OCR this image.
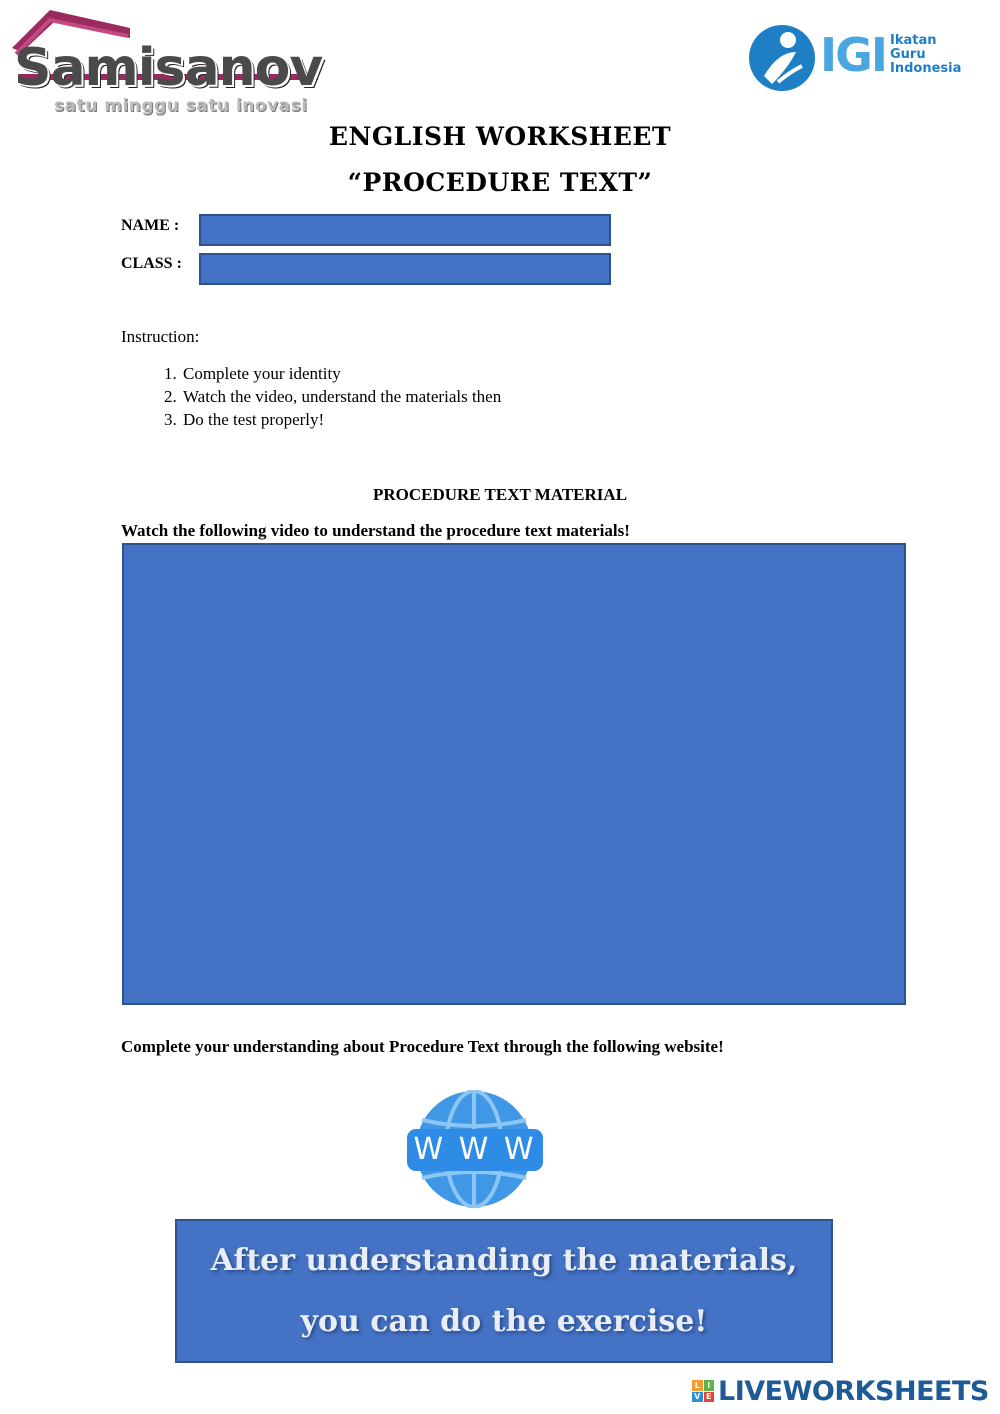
Samisanov
satu minggu satu inovasi
IGI Ikatan
Guru
Indonesia
ENGLISH WORKSHEET
“PROCEDURE TEXT”
NAME :
CLASS :
Instruction:
1. Complete your identity
2. Watch the video, understand the materials then
3. Do the test properly!
PROCEDURE TEXT MATERIAL
Watch the following video to understand the procedure text materials!
Complete your understanding about Procedure Text through the following website!
W W W
After understanding the materials,
you can do the exercise!
L I
V E LIVEWORKSHEETS
